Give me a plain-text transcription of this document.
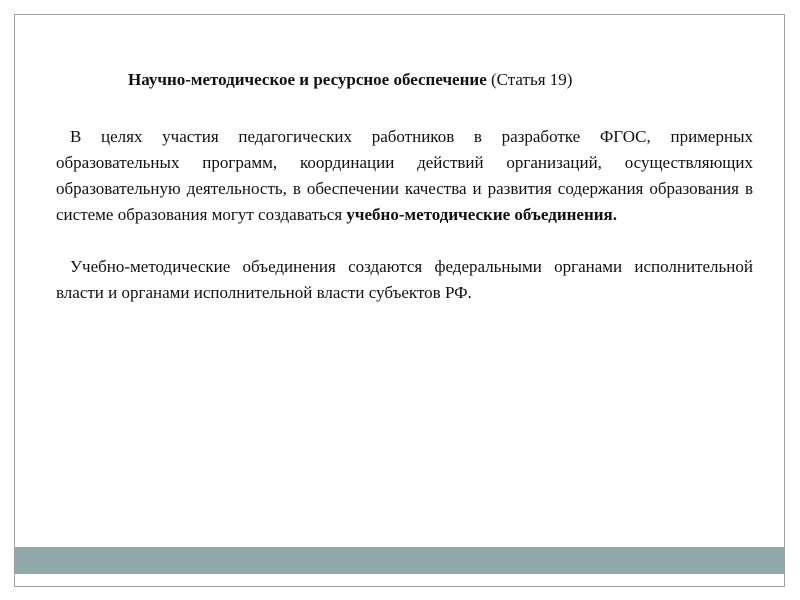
Научно-методическое и ресурсное обеспечение (Статья 19)

В целях участия педагогических работников в разработке ФГОС, примерных образовательных программ, координации действий организаций, осуществляющих образовательную деятельность, в обеспечении качества и развития содержания образования в системе образования могут создаваться учебно-методические объединения.

Учебно-методические объединения создаются федеральными органами исполнительной власти и органами исполнительной власти субъектов РФ.
